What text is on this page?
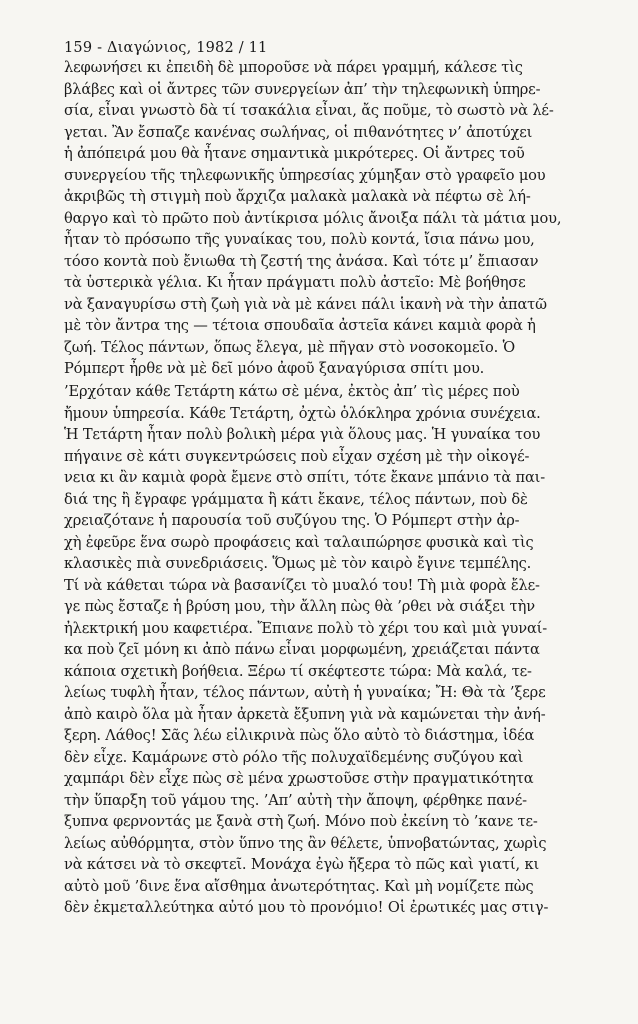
159 - Διαγώνιος, 1982 / 11
λεφωνήσει κι ἐπειδὴ δὲ μποροῦσε νὰ πάρει γραμμή, κάλεσε τὶς
βλάβες καὶ οἱ ἄντρες τῶν συνεργείων ἀπ’ τὴν τηλεφωνικὴ ὑπηρε-
σία, εἶναι γνωστὸ δὰ τί τσακάλια εἶναι, ἄς ποῦμε, τὸ σωστὸ νὰ λέ-
γεται. Ἂν ἔσπαζε κανένας σωλήνας, οἱ πιθανότητες ν’ ἀποτύχει
ἡ ἀπόπειρά μου θὰ ἦτανε σημαντικὰ μικρότερες. Οἱ ἄντρες τοῦ
συνεργείου τῆς τηλεφωνικῆς ὑπηρεσίας χύμηξαν στὸ γραφεῖο μου
ἀκριβῶς τὴ στιγμὴ ποὺ ἄρχιζα μαλακὰ μαλακὰ νὰ πέφτω σὲ λή-
θαργο καὶ τὸ πρῶτο ποὺ ἀντίκρισα μόλις ἄνοιξα πάλι τὰ μάτια μου,
ἦταν τὸ πρόσωπο τῆς γυναίκας του, πολὺ κοντά, ἴσια πάνω μου,
τόσο κοντὰ ποὺ ἔνιωθα τὴ ζεστή της ἀνάσα. Καὶ τότε μ’ ἔπιασαν
τὰ ὑστερικὰ γέλια. Κι ἦταν πράγματι πολὺ ἀστεῖο: Μὲ βοήθησε
νὰ ξαναγυρίσω στὴ ζωὴ γιὰ νὰ μὲ κάνει πάλι ἱκανὴ νὰ τὴν ἀπατῶ
μὲ τὸν ἄντρα της — τέτοια σπουδαῖα ἀστεῖα κάνει καμιὰ φορὰ ἡ
ζωή. Τέλος πάντων, ὅπως ἔλεγα, μὲ πῆγαν στὸ νοσοκομεῖο. Ὁ
Ρόμπερτ ἦρθε νὰ μὲ δεῖ μόνο ἀφοῦ ξαναγύρισα σπίτι μου.
’Ερχόταν κάθε Τετάρτη κάτω σὲ μένα, ἐκτὸς ἀπ’ τὶς μέρες ποὺ
ἤμουν ὑπηρεσία. Κάθε Τετάρτη, ὀχτὼ ὁλόκληρα χρόνια συνέχεια.
Ἡ Τετάρτη ἦταν πολὺ βολικὴ μέρα γιὰ ὅλους μας. Ἡ γυναίκα του
πήγαινε σὲ κάτι συγκεντρώσεις ποὺ εἶχαν σχέση μὲ τὴν οἰκογέ-
νεια κι ἂν καμιὰ φορὰ ἔμενε στὸ σπίτι, τότε ἔκανε μπάνιο τὰ παι-
διά της ἢ ἔγραφε γράμματα ἢ κάτι ἔκανε, τέλος πάντων, ποὺ δὲ
χρειαζότανε ἡ παρουσία τοῦ συζύγου της. Ὁ Ρόμπερτ στὴν ἀρ-
χὴ ἐφεῦρε ἕνα σωρὸ προφάσεις καὶ ταλαιπώρησε φυσικὰ καὶ τὶς
κλασικὲς πιὰ συνεδριάσεις. Ὅμως μὲ τὸν καιρὸ ἔγινε τεμπέλης.
Τί νὰ κάθεται τώρα νὰ βασανίζει τὸ μυαλό του! Τὴ μιὰ φορὰ ἔλε-
γε πὼς ἔσταζε ἡ βρύση μου, τὴν ἄλλη πὼς θὰ ’ρθει νὰ σιάξει τὴν
ἠλεκτρική μου καφετιέρα. Ἔπιανε πολὺ τὸ χέρι του καὶ μιὰ γυναί-
κα ποὺ ζεῖ μόνη κι ἀπὸ πάνω εἶναι μορφωμένη, χρειάζεται πάντα
κάποια σχετικὴ βοήθεια. Ξέρω τί σκέφτεστε τώρα: Μὰ καλά, τε-
λείως τυφλὴ ἦταν, τέλος πάντων, αὐτὴ ἡ γυναίκα; Ἤ: Θὰ τὰ ’ξερε
ἀπὸ καιρὸ ὅλα μὰ ἦταν ἀρκετὰ ἔξυπνη γιὰ νὰ καμώνεται τὴν ἀνή-
ξερη. Λάθος! Σᾶς λέω εἰλικρινὰ πὼς ὅλο αὐτὸ τὸ διάστημα, ἰδέα
δὲν εἶχε. Καμάρωνε στὸ ρόλο τῆς πολυχαϊδεμένης συζύγου καὶ
χαμπάρι δὲν εἶχε πὼς σὲ μένα χρωστοῦσε στὴν πραγματικότητα
τὴν ὕπαρξη τοῦ γάμου της. ’Απ’ αὐτὴ τὴν ἄποψη, φέρθηκε πανέ-
ξυπνα φερνοντάς με ξανὰ στὴ ζωή. Μόνο ποὺ ἐκείνη τὸ ’κανε τε-
λείως αὐθόρμητα, στὸν ὕπνο της ἂν θέλετε, ὑπνοβατώντας, χωρὶς
νὰ κάτσει νὰ τὸ σκεφτεῖ. Μονάχα ἐγὼ ἤξερα τὸ πῶς καὶ γιατί, κι
αὐτὸ μοῦ ’δινε ἕνα αἴσθημα ἀνωτερότητας. Καὶ μὴ νομίζετε πὼς
δὲν ἐκμεταλλεύτηκα αὐτό μου τὸ προνόμιο! Οἱ ἐρωτικές μας στιγ-
